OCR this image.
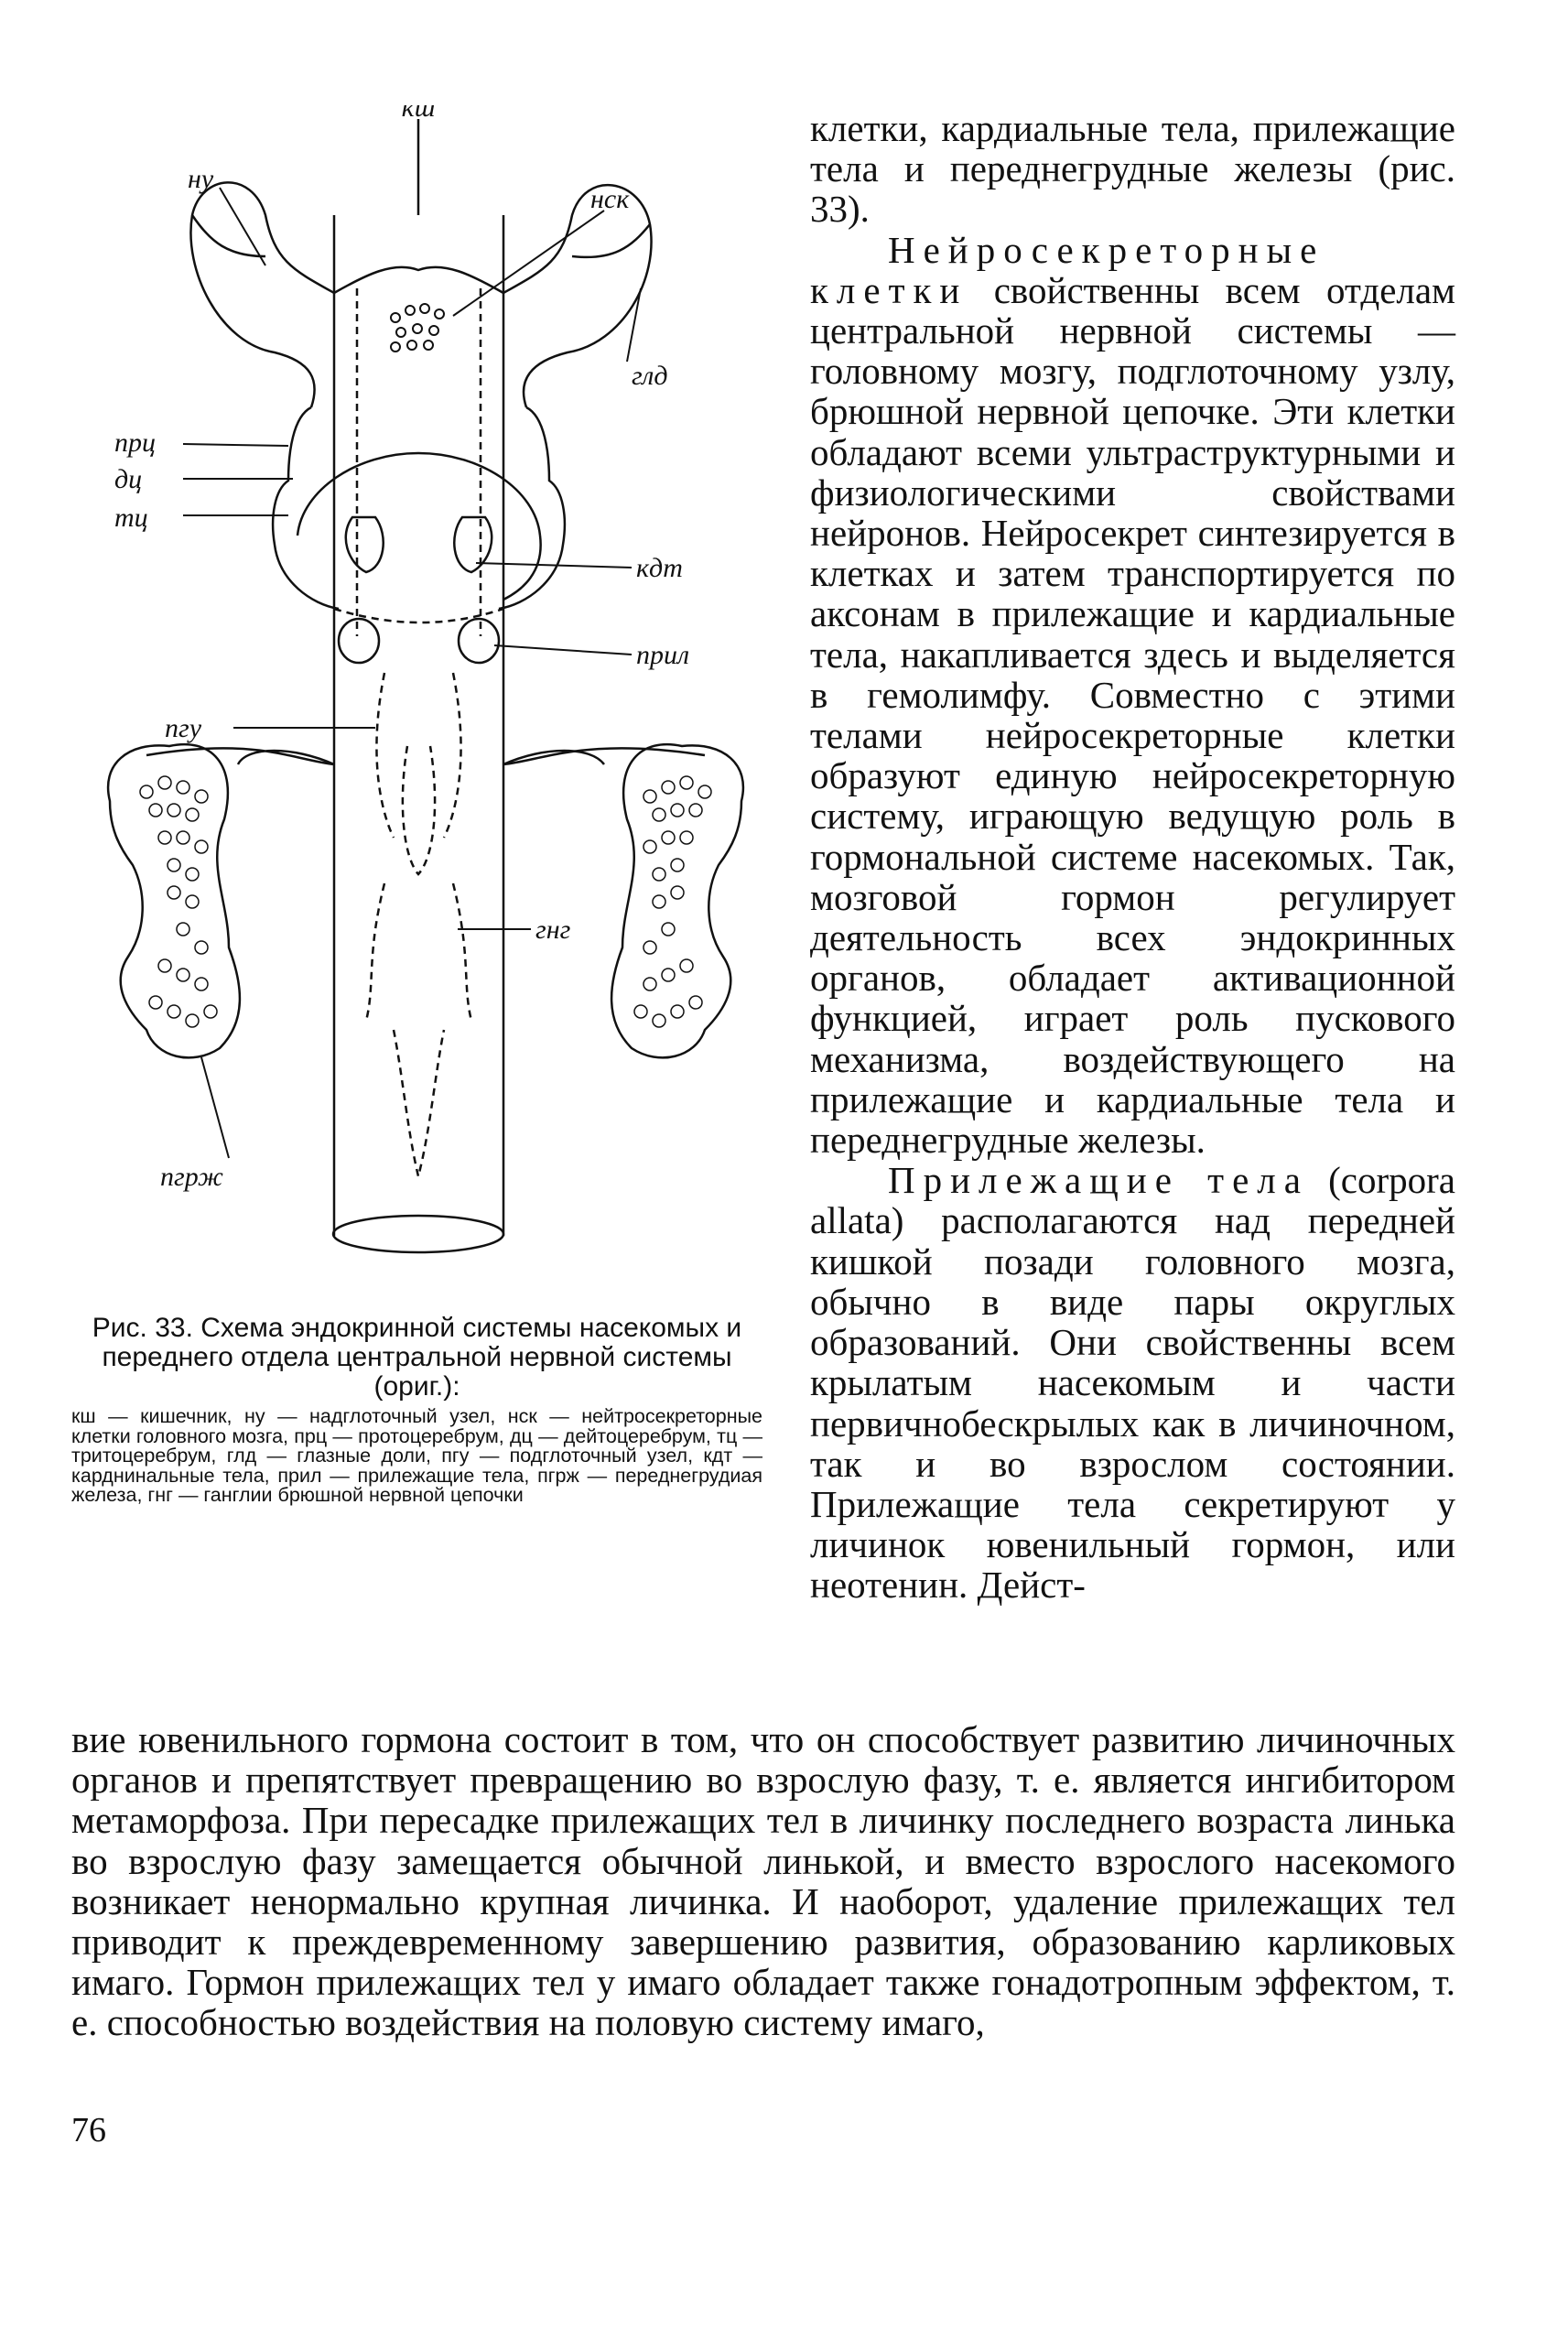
кш
ну
нск
прц
дц
тц
глд
кдт
прил
пгу
гнг
пгрж

Рис. 33. Схема эндокринной системы насекомых и переднего отдела центральной нервной системы (ориг.):

кш — кишечник, ну — надглоточный узел, нск — нейтросекреторные клетки головного мозга, прц — протоцеребрум, дц — дейтоцеребрум, тц — тритоцеребрум, глд — глазные доли, пгу — подглоточный узел, кдт — карднинальные тела, прил — прилежащие тела, пгрж — переднегрудиая железа, гнг — ганглии брюшной нервной цепочки

клетки, кардиальные тела, прилежащие тела и переднегрудные железы (рис. 33).

Нейросекреторные клетки свойственны всем отделам центральной нервной системы — головному мозгу, подглоточному узлу, брюшной нервной цепочке. Эти клетки обладают всеми ультраструктурными и физиологическими свойствами нейронов. Нейросекрет синтезируется в клетках и затем транспортируется по аксонам в прилежащие и кардиальные тела, накапливается здесь и выделяется в гемолимфу. Совместно с этими телами нейросекреторные клетки образуют единую нейросекреторную систему, играющую ведущую роль в гормональной системе насекомых. Так, мозговой гормон регулирует деятельность всех эндокринных органов, обладает активационной функцией, играет роль пускового механизма, воздействующего на прилежащие и кардиальные тела и переднегрудные железы.

Прилежащие тела (corpora allata) располагаются над передней кишкой позади головного мозга, обычно в виде пары округлых образований. Они свойственны всем крылатым насекомым и части первичнобескрылых как в личиночном, так и во взрослом состоянии. Прилежащие тела секретируют у личинок ювенильный гормон, или неотенин. Дейст-

вие ювенильного гормона состоит в том, что он способствует развитию личиночных органов и препятствует превращению во взрослую фазу, т. е. является ингибитором метаморфоза. При пересадке прилежащих тел в личинку последнего возраста линька во взрослую фазу замещается обычной линькой, и вместо взрослого насекомого возникает ненормально крупная личинка. И наоборот, удаление прилежащих тел приводит к преждевременному завершению развития, образованию карликовых имаго. Гормон прилежащих тел у имаго обладает также гонадотропным эффектом, т. е. способностью воздействия на половую систему имаго,
76
